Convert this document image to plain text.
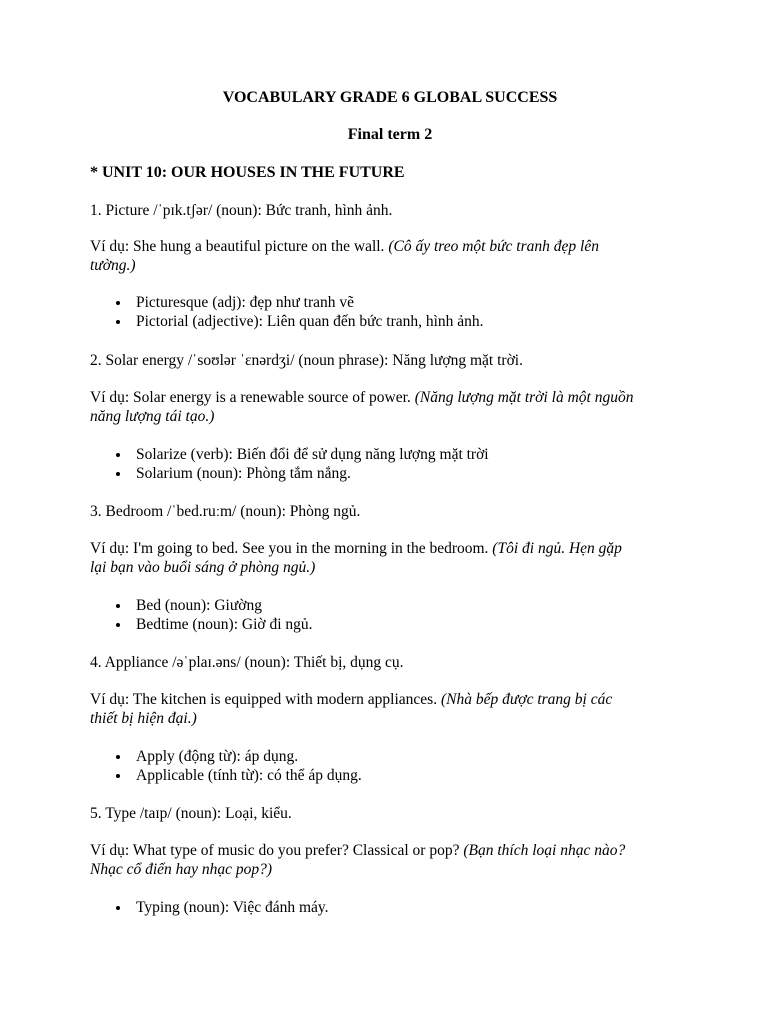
VOCABULARY GRADE 6 GLOBAL SUCCESS
Final term 2
* UNIT 10: OUR HOUSES IN THE FUTURE
1. Picture /ˈpɪk.tʃər/ (noun): Bức tranh, hình ảnh.
Ví dụ: She hung a beautiful picture on the wall. (Cô ấy treo một bức tranh đẹp lên tường.)
Picturesque (adj): đẹp như tranh vẽ
Pictorial (adjective): Liên quan đến bức tranh, hình ảnh.
2. Solar energy /ˈsoʊlər ˈɛnərdʒi/ (noun phrase): Năng lượng mặt trời.
Ví dụ: Solar energy is a renewable source of power. (Năng lượng mặt trời là một nguồn năng lượng tái tạo.)
Solarize (verb): Biến đổi để sử dụng năng lượng mặt trời
Solarium (noun): Phòng tắm nắng.
3. Bedroom /ˈbed.ruːm/ (noun): Phòng ngủ.
Ví dụ: I'm going to bed. See you in the morning in the bedroom. (Tôi đi ngủ. Hẹn gặp lại bạn vào buổi sáng ở phòng ngủ.)
Bed (noun): Giường
Bedtime (noun): Giờ đi ngủ.
4. Appliance /əˈplaɪ.əns/ (noun): Thiết bị, dụng cụ.
Ví dụ: The kitchen is equipped with modern appliances. (Nhà bếp được trang bị các thiết bị hiện đại.)
Apply (động từ): áp dụng.
Applicable (tính từ): có thể áp dụng.
5. Type /taɪp/ (noun): Loại, kiểu.
Ví dụ: What type of music do you prefer? Classical or pop? (Bạn thích loại nhạc nào? Nhạc cổ điển hay nhạc pop?)
Typing (noun): Việc đánh máy.
